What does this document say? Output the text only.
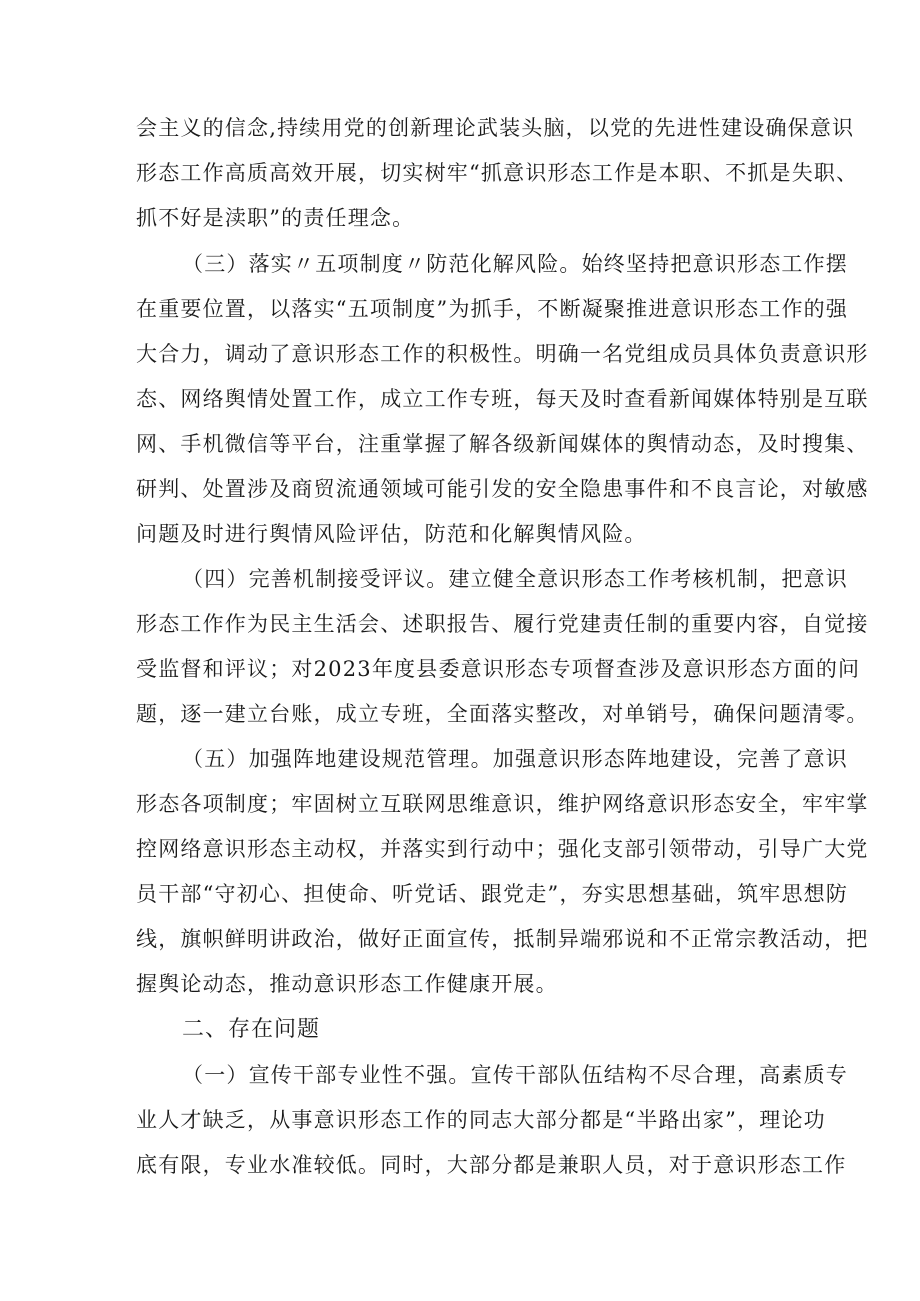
会主义的信念,持续用党的创新理论武装头脑，以党的先进性建设确保意识
形态工作高质高效开展，切实树牢“抓意识形态工作是本职、不抓是失职、
抓不好是渎职”的责任理念。
（三）落实〃五项制度〃防范化解风险。始终坚持把意识形态工作摆
在重要位置，以落实“五项制度”为抓手，不断凝聚推进意识形态工作的强
大合力，调动了意识形态工作的积极性。明确一名党组成员具体负责意识形
态、网络舆情处置工作，成立工作专班，每天及时查看新闻媒体特别是互联
网、手机微信等平台，注重掌握了解各级新闻媒体的舆情动态，及时搜集、
研判、处置涉及商贸流通领域可能引发的安全隐患事件和不良言论，对敏感
问题及时进行舆情风险评估，防范和化解舆情风险。
（四）完善机制接受评议。建立健全意识形态工作考核机制，把意识
形态工作作为民主生活会、述职报告、履行党建责任制的重要内容，自觉接
受监督和评议；对2023年度县委意识形态专项督查涉及意识形态方面的问
题，逐一建立台账，成立专班，全面落实整改，对单销号，确保问题清零。
（五）加强阵地建设规范管理。加强意识形态阵地建设，完善了意识
形态各项制度；牢固树立互联网思维意识，维护网络意识形态安全，牢牢掌
控网络意识形态主动权，并落实到行动中；强化支部引领带动，引导广大党
员干部“守初心、担使命、听党话、跟党走”，夯实思想基础，筑牢思想防
线，旗帜鲜明讲政治，做好正面宣传，抵制异端邪说和不正常宗教活动，把
握舆论动态，推动意识形态工作健康开展。
二、存在问题
（一）宣传干部专业性不强。宣传干部队伍结构不尽合理，高素质专
业人才缺乏，从事意识形态工作的同志大部分都是“半路出家”，理论功
底有限，专业水准较低。同时，大部分都是兼职人员，对于意识形态工作
